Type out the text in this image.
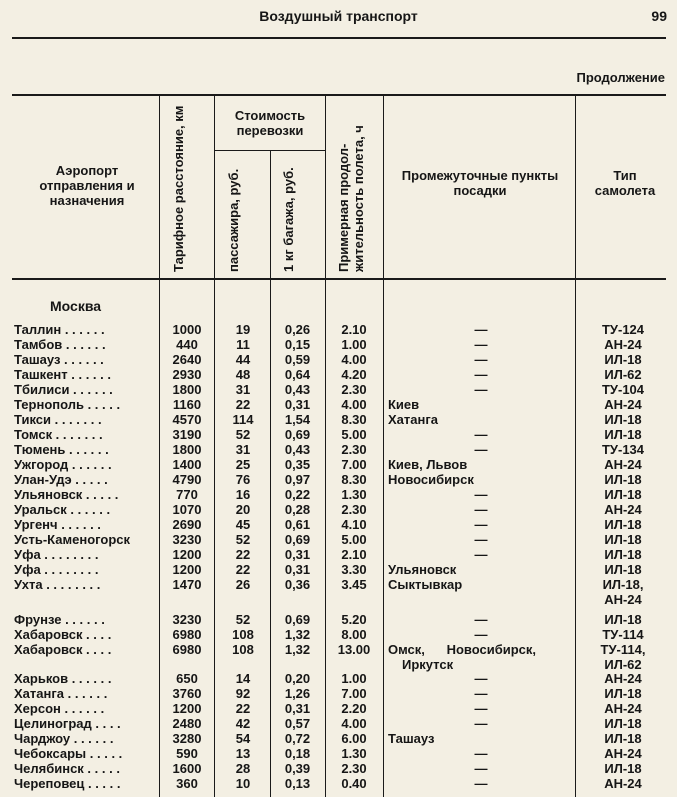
Воздушный транспорт	99
Продолжение
Аэропорт отправления и назначения	Тарифное расстояние, км	Стоимость перевозки
пассажира, руб.	1 кг багажа, руб.	Примерная продол- жительность полета, ч	Промежуточные пункты посадки
Тип самолета
Москва
Таллин . . . . . .	1000	19	0,26	2.10	—	ТУ-124
Тамбов . . . . . .	440	11	0,15	1.00	—	АН-24
Ташауз . . . . . .	2640	44	0,59	4.00	—	ИЛ-18
Ташкент . . . . . .	2930	48	0,64	4.20	—	ИЛ-62
Тбилиси . . . . . .	1800	31	0,43	2.30	—	ТУ-104
Тернополь . . . . .	1160	22	0,31	4.00	Киев	АН-24
Тикси . . . . . . .	4570	114	1,54	8.30	Хатанга	ИЛ-18
Томск . . . . . . .	3190	52	0,69	5.00	—	ИЛ-18
Тюмень . . . . . .	1800	31	0,43	2.30	—	ТУ-134
Ужгород . . . . . .	1400	25	0,35	7.00	Киев, Львов	АН-24
Улан-Удэ . . . . .	4790	76	0,97	8.30	Новосибирск	ИЛ-18
Ульяновск . . . . .	770	16	0,22	1.30	—	ИЛ-18
Уральск . . . . . .	1070	20	0,28	2.30	—	АН-24
Ургенч . . . . . .	2690	45	0,61	4.10	—	ИЛ-18
Усть-Каменогорск	3230	52	0,69	5.00	—	ИЛ-18
Уфа . . . . . . . .	1200	22	0,31	2.10	—	ИЛ-18
Уфа . . . . . . . .	1200	22	0,31	3.30	Ульяновск	ИЛ-18
Ухта . . . . . . . .	1470	26	0,36	3.45	Сыктывкар	ИЛ-18,
АН-24
Фрунзе . . . . . .	3230	52	0,69	5.20	—	ИЛ-18
Хабаровск . . . .	6980	108	1,32	8.00	—	ТУ-114
Хабаровск . . . .	6980	108	1,32	13.00	Омск,      Новосибирск,	ТУ-114,
Иркутск	ИЛ-62
Харьков . . . . . .	650	14	0,20	1.00	—	АН-24
Хатанга . . . . . .	3760	92	1,26	7.00	—	ИЛ-18
Херсон . . . . . .	1200	22	0,31	2.20	—	АН-24
Целиноград . . . .	2480	42	0,57	4.00	—	ИЛ-18
Чарджоу . . . . . .	3280	54	0,72	6.00	Ташауз	ИЛ-18
Чебоксары . . . . .	590	13	0,18	1.30	—	АН-24
Челябинск . . . . .	1600	28	0,39	2.30	—	ИЛ-18
Череповец . . . . .	360	10	0,13	0.40	—	АН-24
